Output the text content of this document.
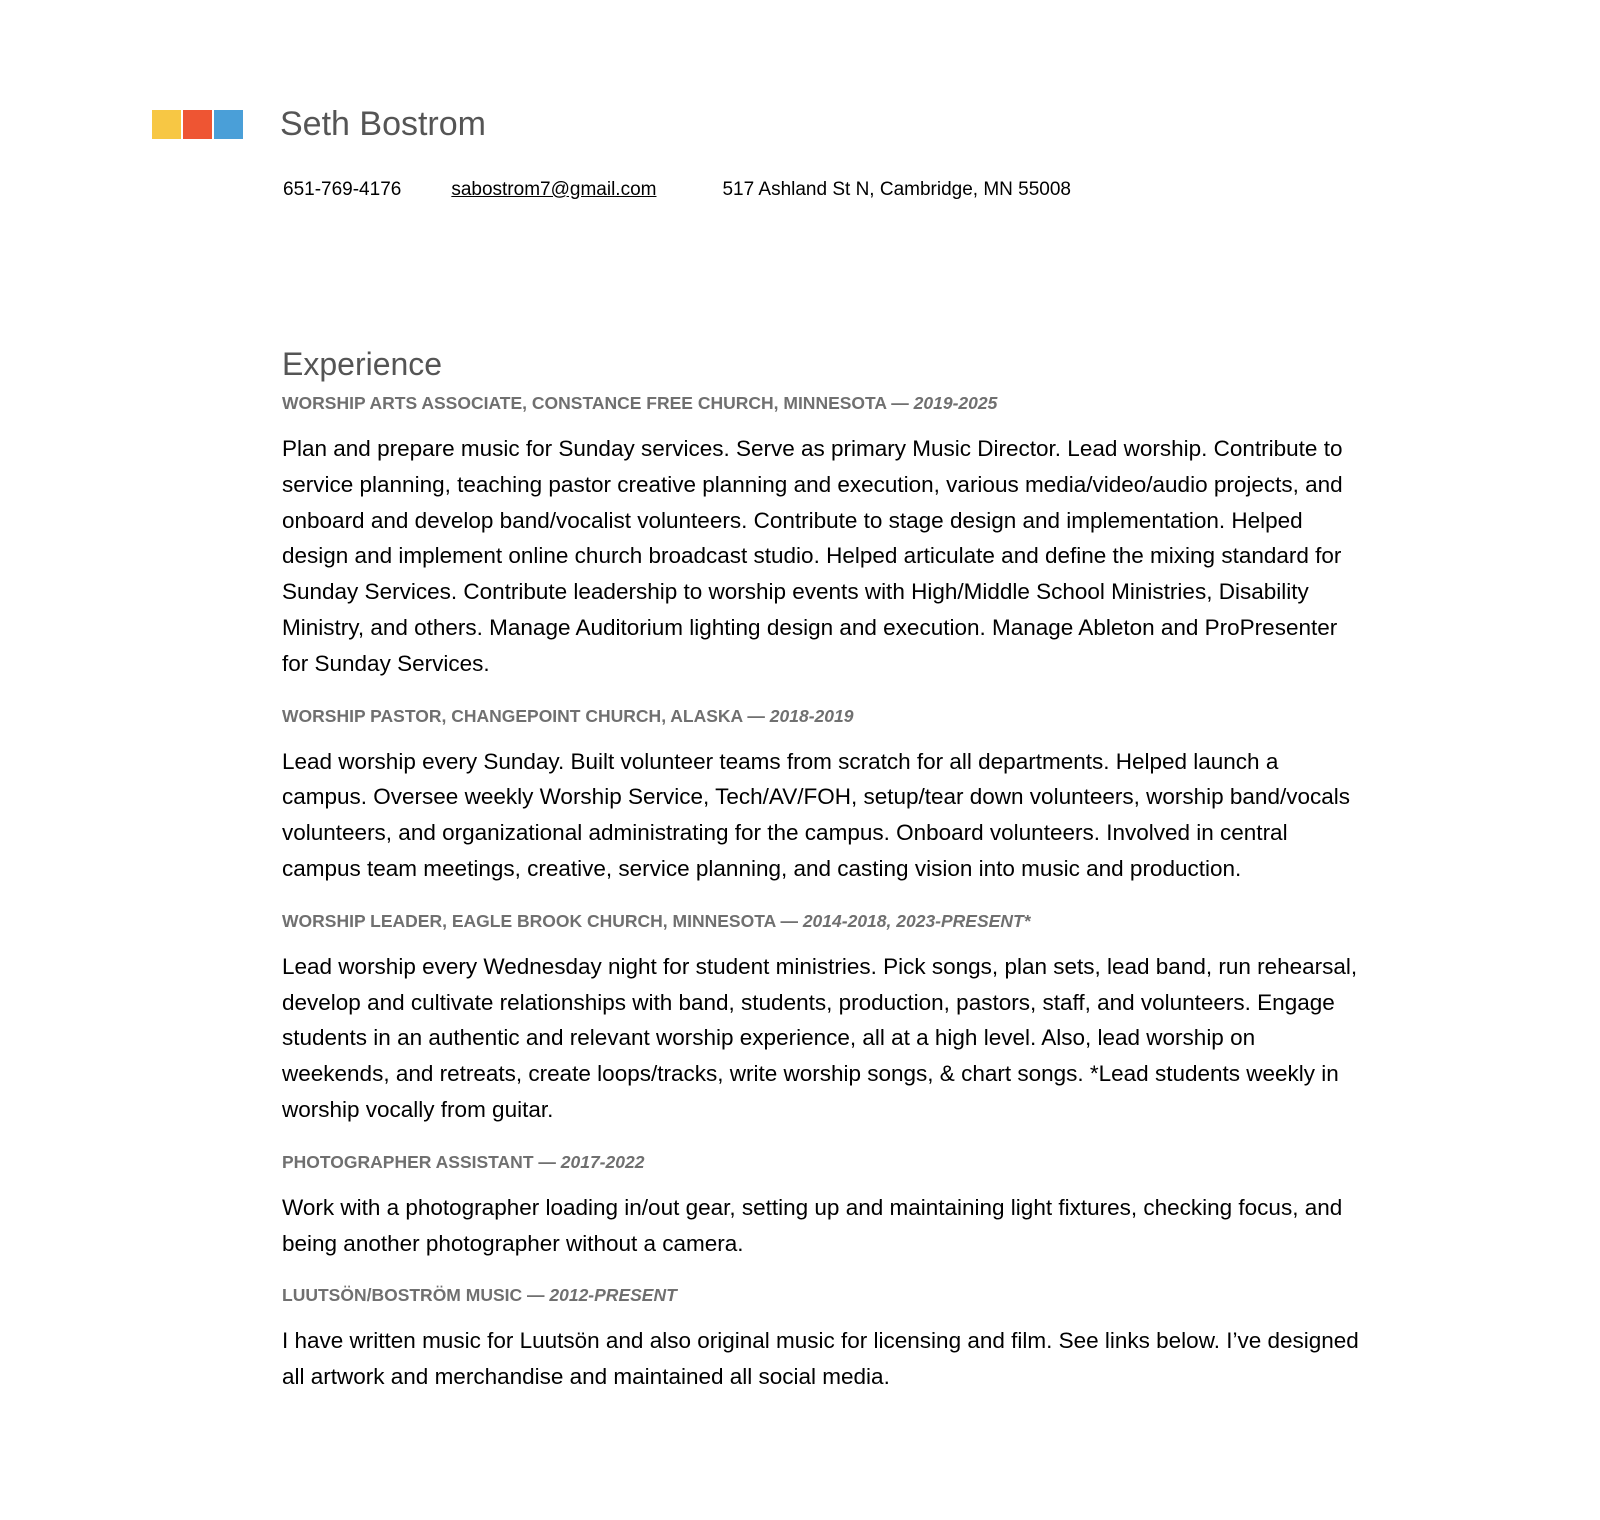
Seth Bostrom
651-769-4176	sabostrom7@gmail.com	517 Ashland St N, Cambridge, MN 55008
Experience
WORSHIP ARTS ASSOCIATE, CONSTANCE FREE CHURCH, MINNESOTA — 2019-2025

Plan and prepare music for Sunday services. Serve as primary Music Director. Lead worship. Contribute to service planning, teaching pastor creative planning and execution, various media/video/audio projects, and onboard and develop band/vocalist volunteers. Contribute to stage design and implementation. Helped design and implement online church broadcast studio. Helped articulate and define the mixing standard for Sunday Services. Contribute leadership to worship events with High/Middle School Ministries, Disability Ministry, and others. Manage Auditorium lighting design and execution. Manage Ableton and ProPresenter for Sunday Services.

WORSHIP PASTOR, CHANGEPOINT CHURCH, ALASKA — 2018-2019

Lead worship every Sunday. Built volunteer teams from scratch for all departments. Helped launch a campus. Oversee weekly Worship Service, Tech/AV/FOH, setup/tear down volunteers, worship band/vocals volunteers, and organizational administrating for the campus. Onboard volunteers. Involved in central campus team meetings, creative, service planning, and casting vision into music and production.

WORSHIP LEADER, EAGLE BROOK CHURCH, MINNESOTA — 2014-2018, 2023-PRESENT*

Lead worship every Wednesday night for student ministries. Pick songs, plan sets, lead band, run rehearsal, develop and cultivate relationships with band, students, production, pastors, staff, and volunteers. Engage students in an authentic and relevant worship experience, all at a high level. Also, lead worship on weekends, and retreats, create loops/tracks, write worship songs, & chart songs. *Lead students weekly in worship vocally from guitar.

PHOTOGRAPHER ASSISTANT — 2017-2022

Work with a photographer loading in/out gear, setting up and maintaining light fixtures, checking focus, and being another photographer without a camera.

LUUTSÖN/BOSTRÖM MUSIC — 2012-PRESENT

I have written music for Luutsön and also original music for licensing and film. See links below. I’ve designed all artwork and merchandise and maintained all social media.
